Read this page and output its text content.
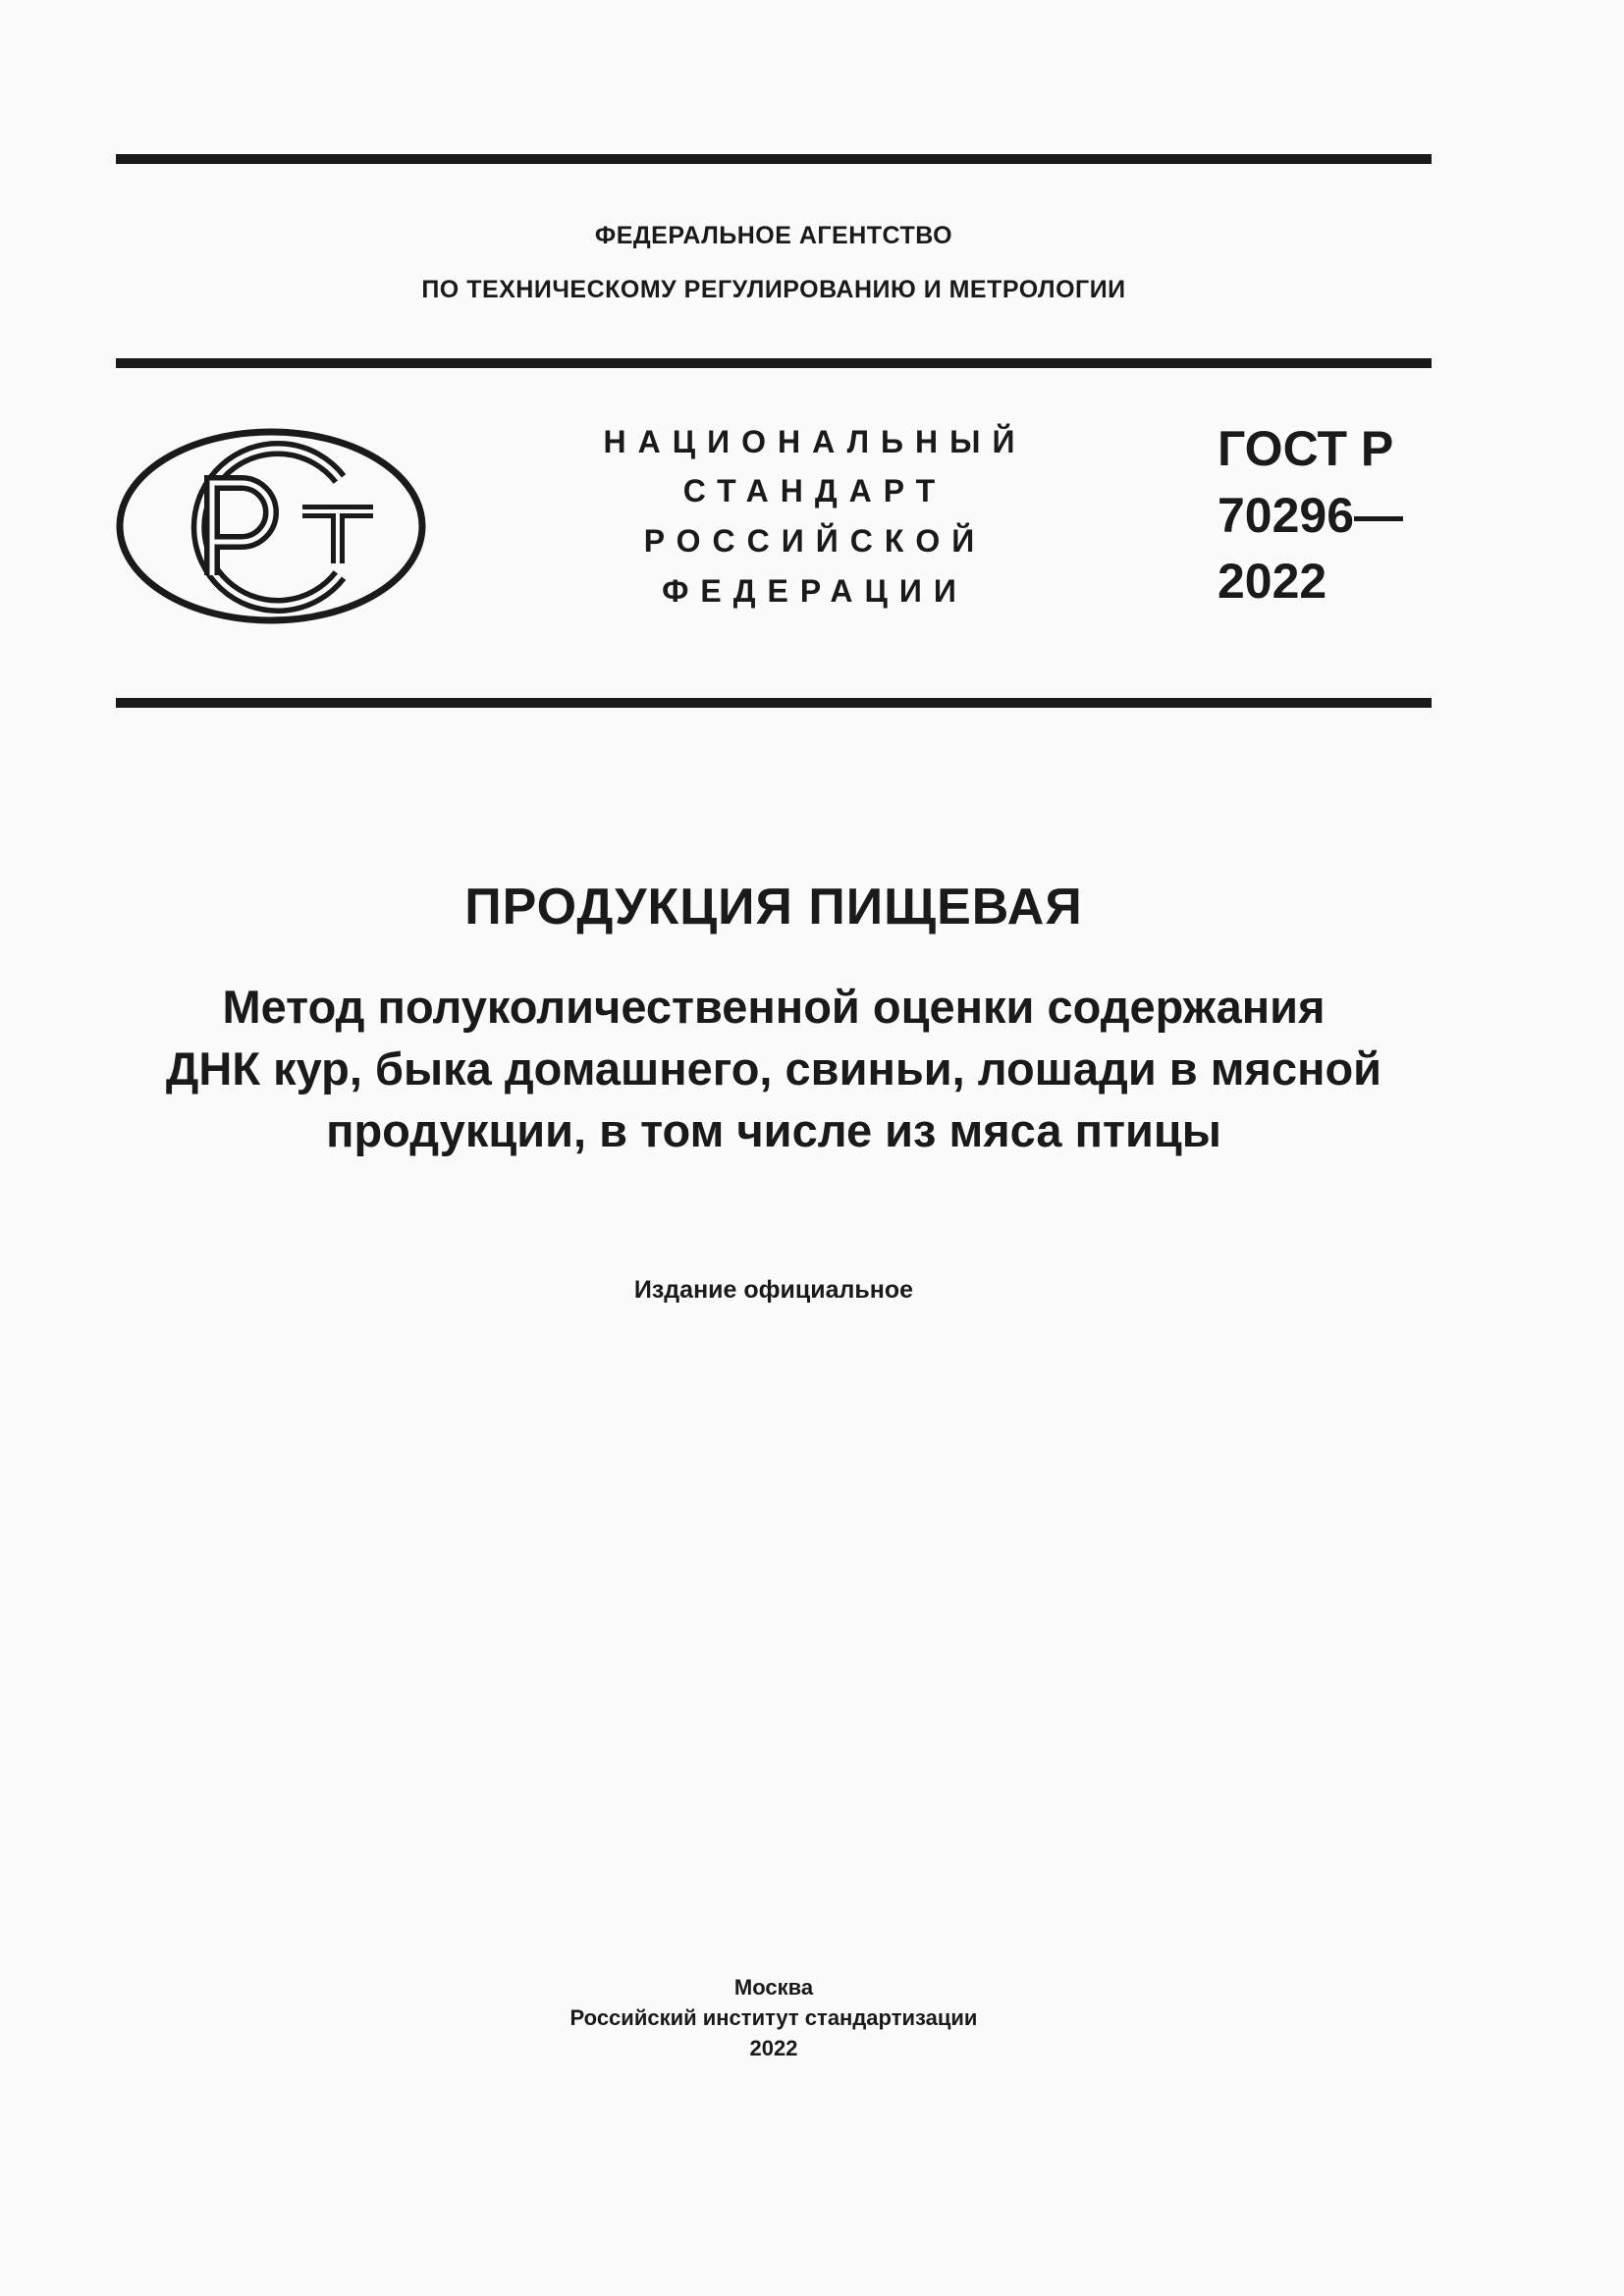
ФЕДЕРАЛЬНОЕ АГЕНТСТВО
ПО ТЕХНИЧЕСКОМУ РЕГУЛИРОВАНИЮ И МЕТРОЛОГИИ
НАЦИОНАЛЬНЫЙ
СТАНДАРТ
РОССИЙСКОЙ
ФЕДЕРАЦИИ
ГОСТ Р
70296—
2022
ПРОДУКЦИЯ ПИЩЕВАЯ
Метод полуколичественной оценки содержания
ДНК кур, быка домашнего, свиньи, лошади в мясной
продукции, в том числе из мяса птицы
Издание официальное
Москва
Российский институт стандартизации
2022
